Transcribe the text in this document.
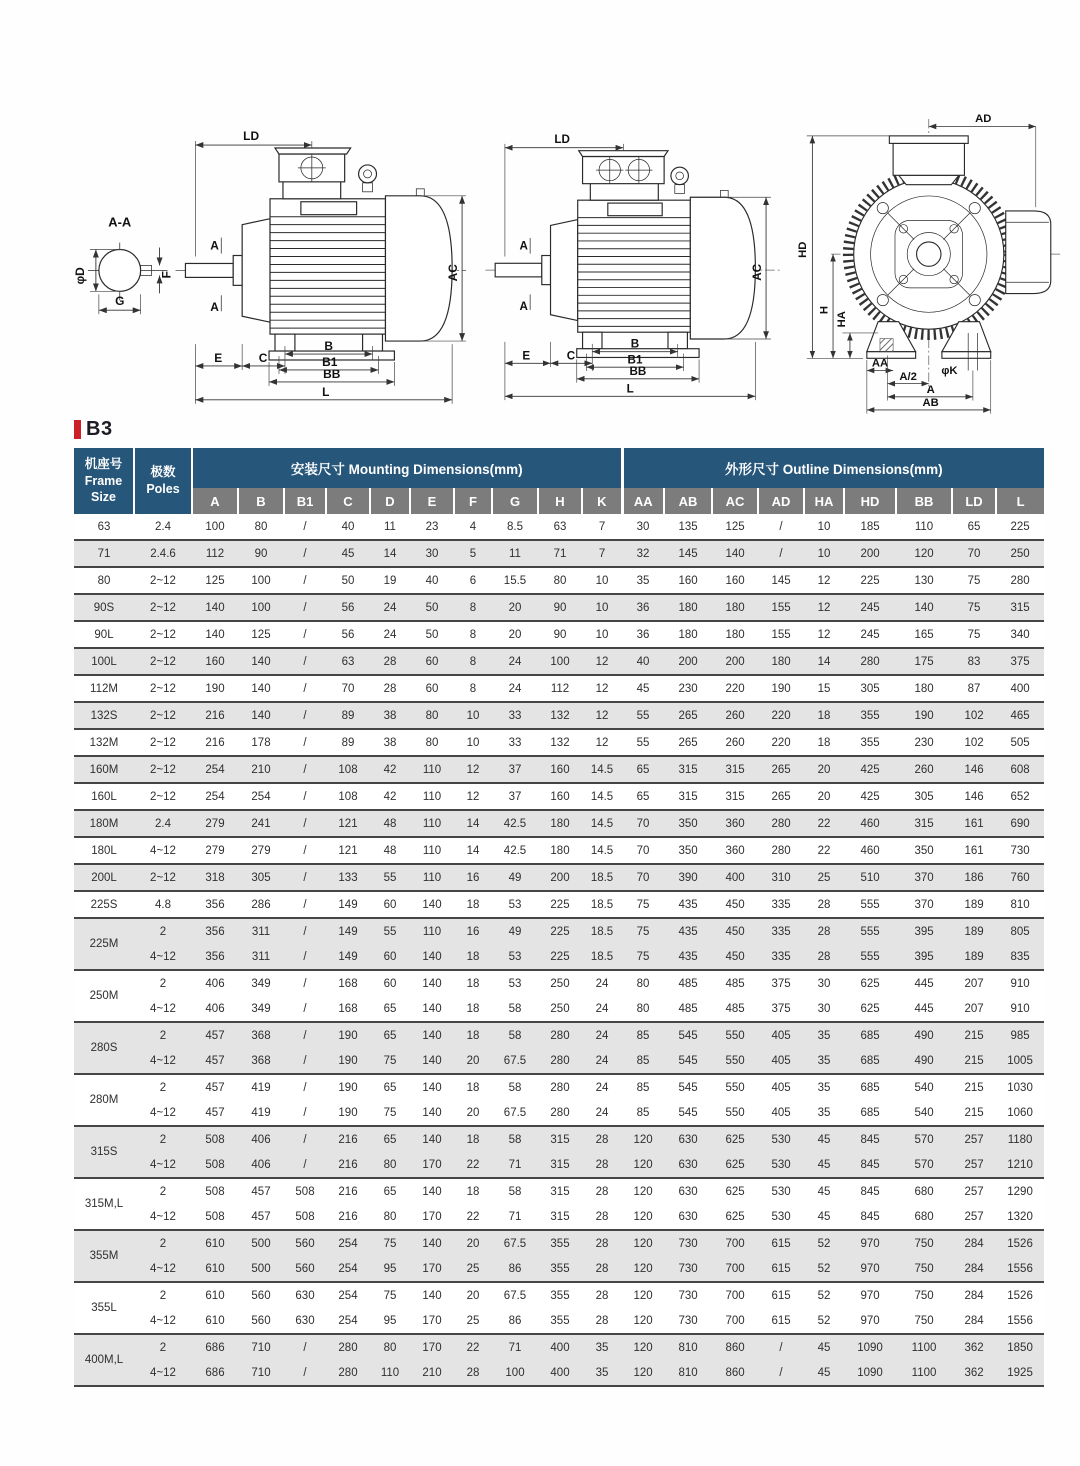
A-A
φD
G
F
LD
A
A
AC
E	C
B
B1
BB
L
LD
A
A
AC
E	C
B
B1
BB
L
AD
HD
H
HA
AA
A/2
A
AB
φK
B3
机座号
Frame
Size	极数
Poles	安装尺寸 Mounting Dimensions(mm)										外形尺寸 Outline Dimensions(mm)								
		A	B	B1	C	D	E	F	G	H	K	AA	AB	AC	AD	HA	HD	BB	LD	L
63	2.4	100	80	/	40	11	23	4	8.5	63	7	30	135	125	/	10	185	110	65	225
71	2.4.6	112	90	/	45	14	30	5	11	71	7	32	145	140	/	10	200	120	70	250
80	2~12	125	100	/	50	19	40	6	15.5	80	10	35	160	160	145	12	225	130	75	280
90S	2~12	140	100	/	56	24	50	8	20	90	10	36	180	180	155	12	245	140	75	315
90L	2~12	140	125	/	56	24	50	8	20	90	10	36	180	180	155	12	245	165	75	340
100L	2~12	160	140	/	63	28	60	8	24	100	12	40	200	200	180	14	280	175	83	375
112M	2~12	190	140	/	70	28	60	8	24	112	12	45	230	220	190	15	305	180	87	400
132S	2~12	216	140	/	89	38	80	10	33	132	12	55	265	260	220	18	355	190	102	465
132M	2~12	216	178	/	89	38	80	10	33	132	12	55	265	260	220	18	355	230	102	505
160M	2~12	254	210	/	108	42	110	12	37	160	14.5	65	315	315	265	20	425	260	146	608
160L	2~12	254	254	/	108	42	110	12	37	160	14.5	65	315	315	265	20	425	305	146	652
180M	2.4	279	241	/	121	48	110	14	42.5	180	14.5	70	350	360	280	22	460	315	161	690
180L	4~12	279	279	/	121	48	110	14	42.5	180	14.5	70	350	360	280	22	460	350	161	730
200L	2~12	318	305	/	133	55	110	16	49	200	18.5	70	390	400	310	25	510	370	186	760
225S	4.8	356	286	/	149	60	140	18	53	225	18.5	75	435	450	335	28	555	370	189	810
225M	2	356	311	/	149	55	110	16	49	225	18.5	75	435	450	335	28	555	395	189	805
	4~12	356	311	/	149	60	140	18	53	225	18.5	75	435	450	335	28	555	395	189	835
250M	2	406	349	/	168	60	140	18	53	250	24	80	485	485	375	30	625	445	207	910
	4~12	406	349	/	168	65	140	18	58	250	24	80	485	485	375	30	625	445	207	910
280S	2	457	368	/	190	65	140	18	58	280	24	85	545	550	405	35	685	490	215	985
	4~12	457	368	/	190	75	140	20	67.5	280	24	85	545	550	405	35	685	490	215	1005
280M	2	457	419	/	190	65	140	18	58	280	24	85	545	550	405	35	685	540	215	1030
	4~12	457	419	/	190	75	140	20	67.5	280	24	85	545	550	405	35	685	540	215	1060
315S	2	508	406	/	216	65	140	18	58	315	28	120	630	625	530	45	845	570	257	1180
	4~12	508	406	/	216	80	170	22	71	315	28	120	630	625	530	45	845	570	257	1210
315M,L	2	508	457	508	216	65	140	18	58	315	28	120	630	625	530	45	845	680	257	1290
	4~12	508	457	508	216	80	170	22	71	315	28	120	630	625	530	45	845	680	257	1320
355M	2	610	500	560	254	75	140	20	67.5	355	28	120	730	700	615	52	970	750	284	1526
	4~12	610	500	560	254	95	170	25	86	355	28	120	730	700	615	52	970	750	284	1556
355L	2	610	560	630	254	75	140	20	67.5	355	28	120	730	700	615	52	970	750	284	1526
	4~12	610	560	630	254	95	170	25	86	355	28	120	730	700	615	52	970	750	284	1556
400M,L	2	686	710	/	280	80	170	22	71	400	35	120	810	860	/	45	1090	1100	362	1850
	4~12	686	710	/	280	110	210	28	100	400	35	120	810	860	/	45	1090	1100	362	1925
